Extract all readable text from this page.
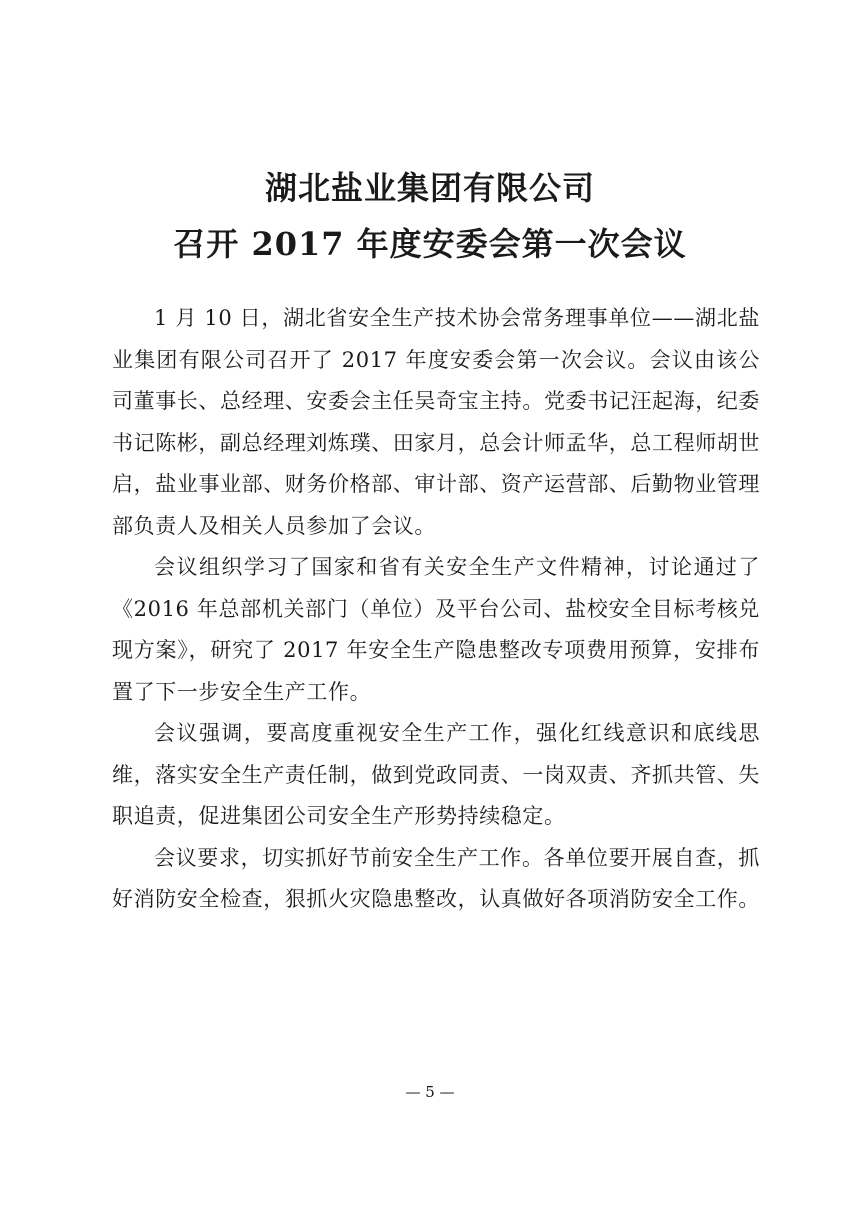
湖北盐业集团有限公司
召开 2017 年度安委会第一次会议

1 月 10 日，湖北省安全生产技术协会常务理事单位——湖北盐业集团有限公司召开了 2017 年度安委会第一次会议。会议由该公司董事长、总经理、安委会主任吴奇宝主持。党委书记汪起海，纪委书记陈彬，副总经理刘炼璞、田家月，总会计师孟华，总工程师胡世启，盐业事业部、财务价格部、审计部、资产运营部、后勤物业管理部负责人及相关人员参加了会议。

会议组织学习了国家和省有关安全生产文件精神，讨论通过了《2016 年总部机关部门（单位）及平台公司、盐校安全目标考核兑现方案》，研究了 2017 年安全生产隐患整改专项费用预算，安排布置了下一步安全生产工作。

会议强调，要高度重视安全生产工作，强化红线意识和底线思维，落实安全生产责任制，做到党政同责、一岗双责、齐抓共管、失职追责，促进集团公司安全生产形势持续稳定。

会议要求，切实抓好节前安全生产工作。各单位要开展自查，抓好消防安全检查，狠抓火灾隐患整改，认真做好各项消防安全工作。

— 5 —
